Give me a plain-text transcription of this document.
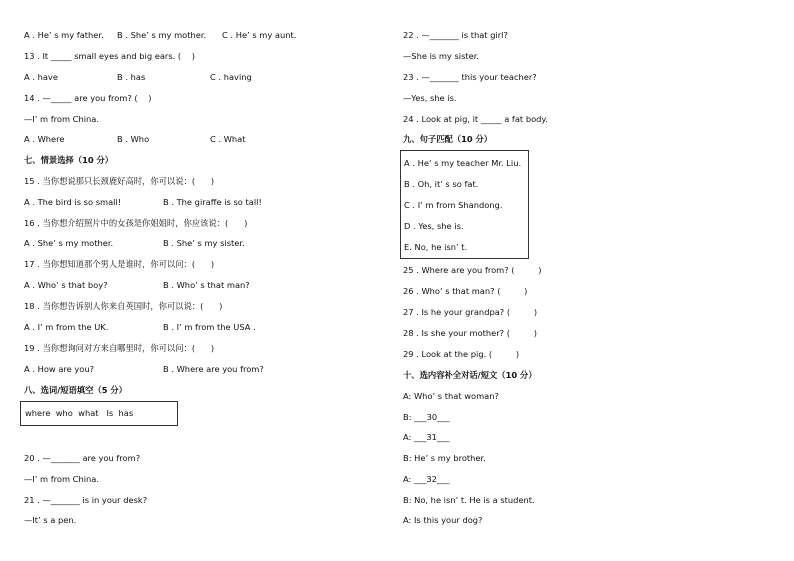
A . He’ s my father. B . She’ s my mother. C . He’ s my aunt.
13 . It _____ small eyes and big ears. (    )
A . have	B . has	C . having
14 . —_____ are you from? (    )
—I’ m from China.
A . Where	B . Who	C . What
七、情景选择（10 分）
15 . 当你想说那只长颈鹿好高时，你可以说：(      )
A . The bird is so small!	B . The giraffe is so tall!
16 . 当你想介绍照片中的女孩是你姐姐时，你应该说：(      )
A . She’ s my mother.	B . She’ s my sister.
17 . 当你想知道那个男人是谁时，你可以问：(      )
A . Who’ s that boy?	B . Who’ s that man?
18 . 当你想告诉别人你来自英国时，你可以说：(      )
A . I’ m from the UK.	B . I’ m from the USA .
19 . 当你想询问对方来自哪里时，你可以问：(      )
A . How are you?	B . Where are you from?
八、选词/短语填空（5 分）
where  who  what   Is  has
20 . —_______ are you from?
—I’ m from China.
21 . —_______ is in your desk?
—It’ s a pen.
22 . —_______ is that girl?
—She is my sister.
23 . —_______ this your teacher?
—Yes, she is.
24 . Look at pig, it _____ a fat body.
九、句子匹配（10 分）
A . He’ s my teacher Mr. Liu.
B . Oh, it’ s so fat.
C . I’ m from Shandong.
D . Yes, she is.
E. No, he isn’ t.
25 . Where are you from? (         )
26 . Who’ s that man? (         )
27 . Is he your grandpa? (         )
28 . Is she your mother? (         )
29 . Look at the pig. (         )
十、选内容补全对话/短文（10 分）
A: Who’ s that woman?
B: ___30___
A: ___31___
B: He’ s my brother.
A: ___32___
B: No, he isn’ t. He is a student.
A: Is this your dog?
